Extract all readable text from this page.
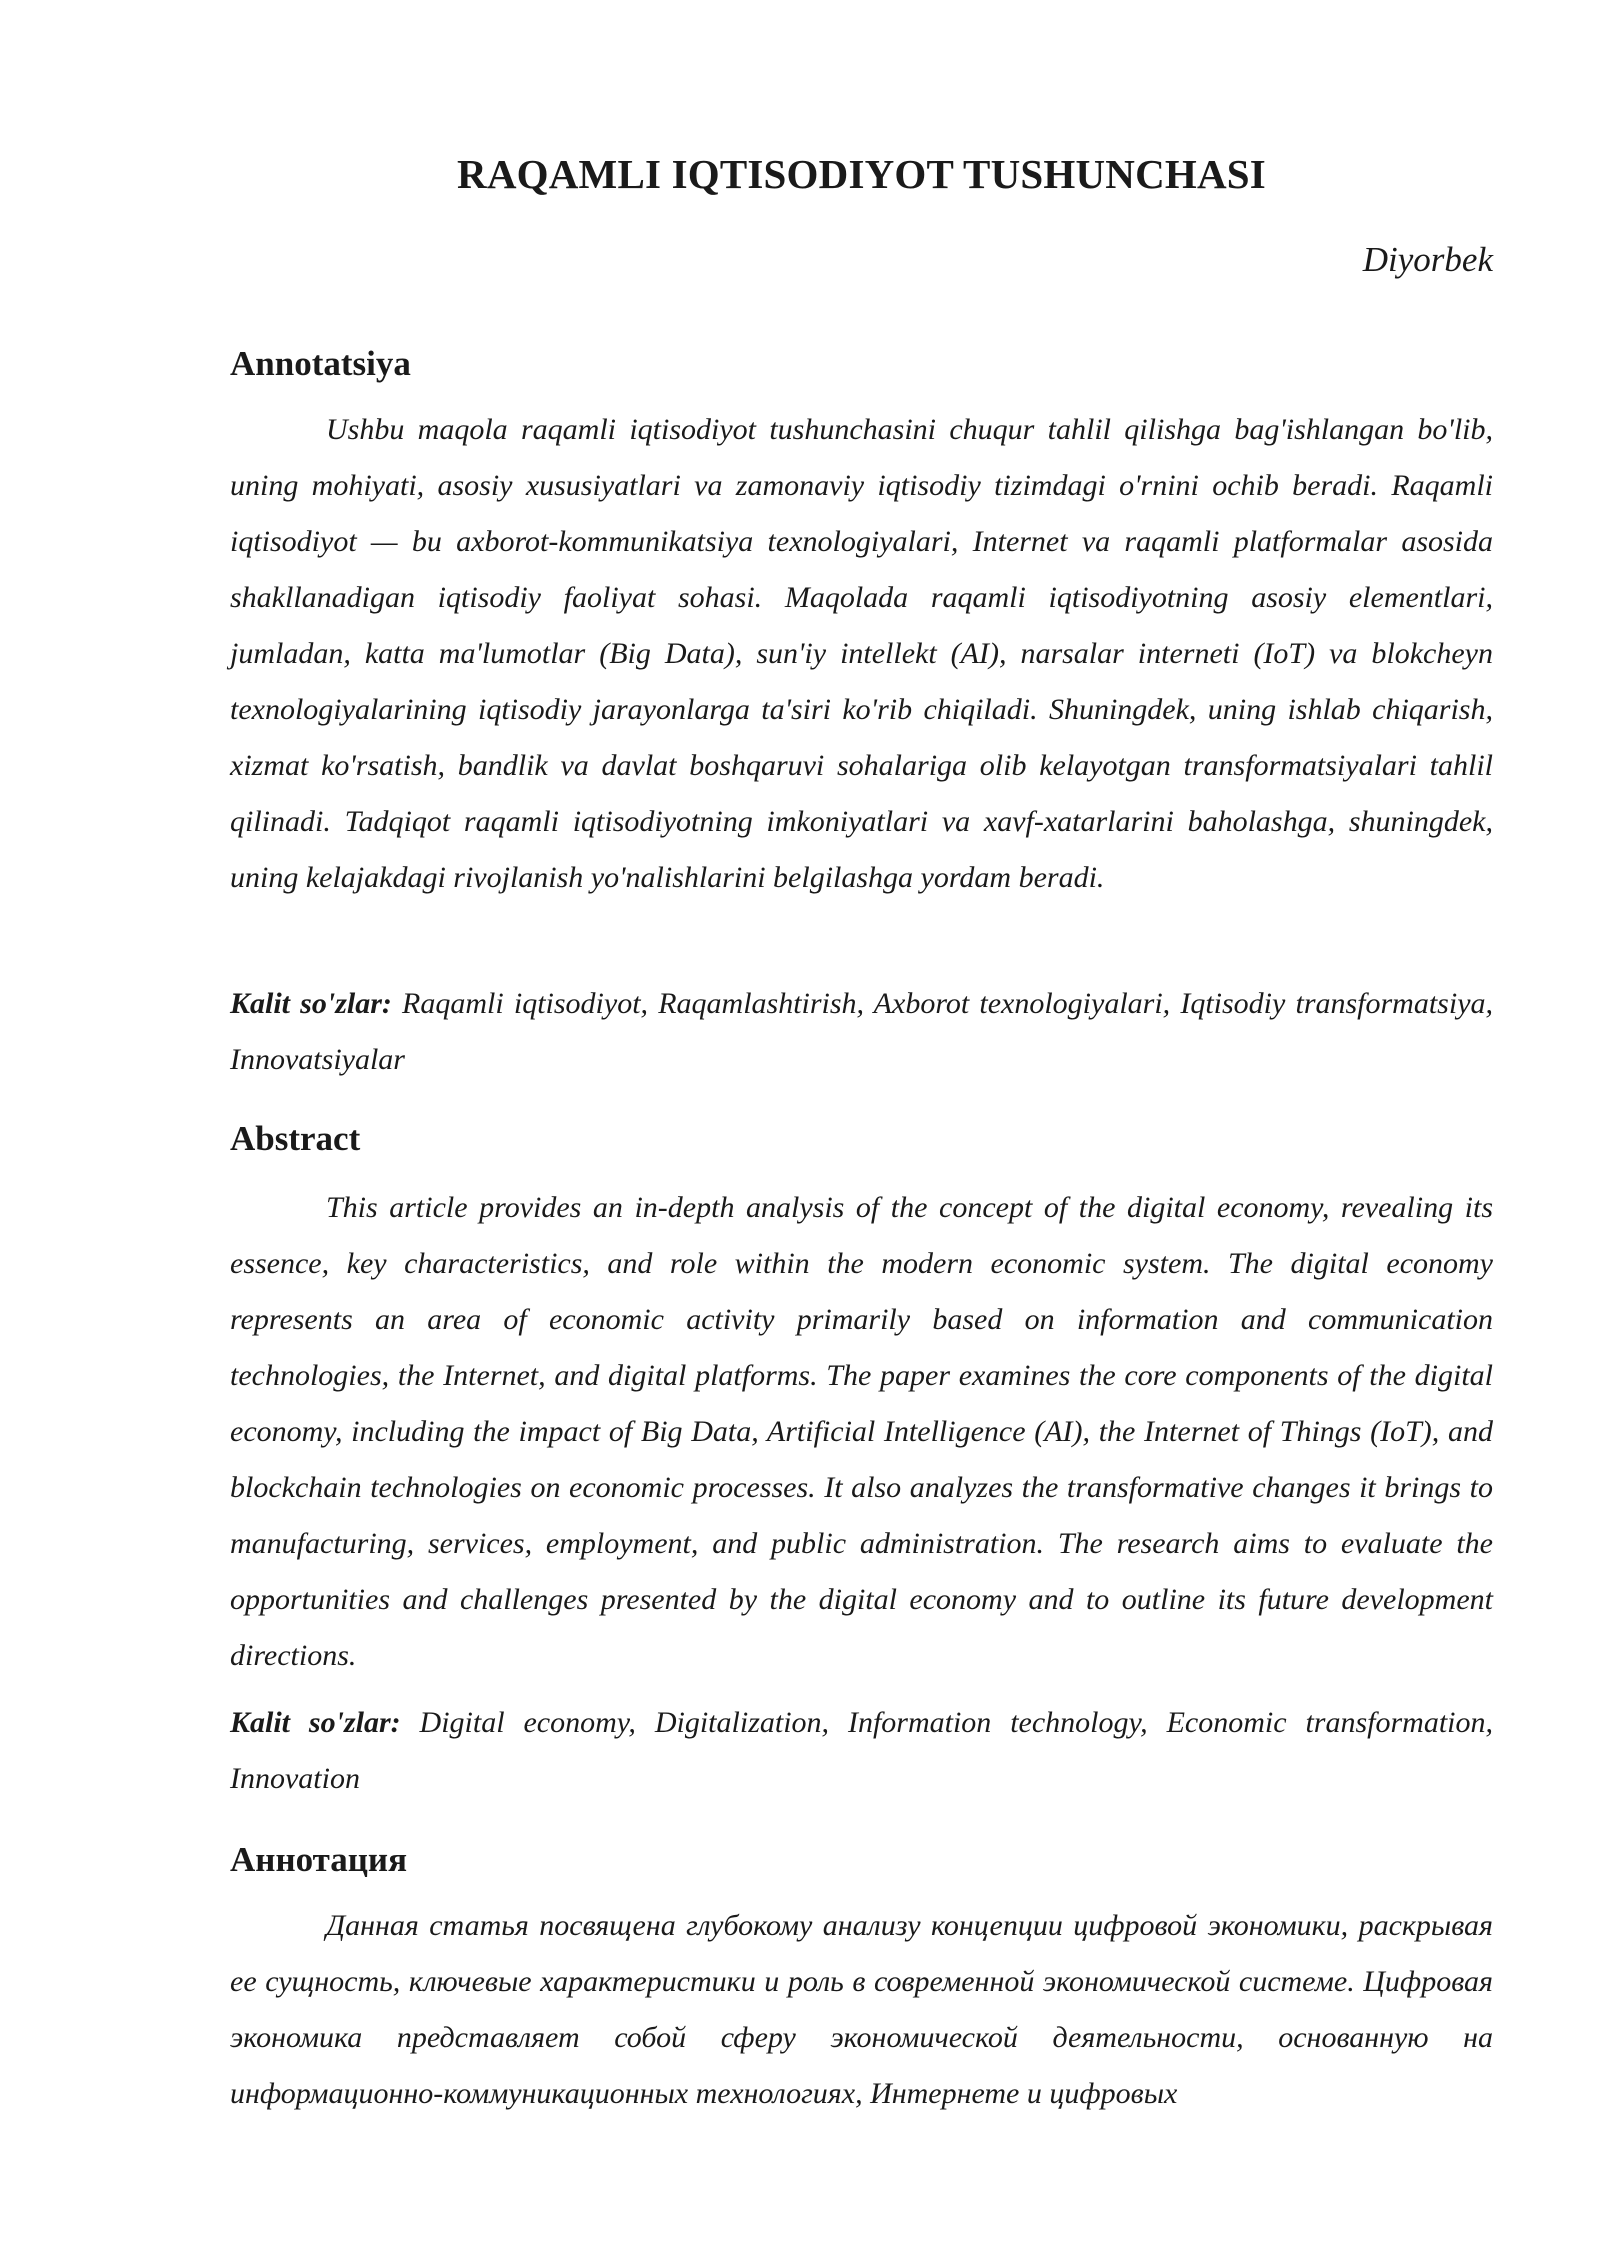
RAQAMLI IQTISODIYOT TUSHUNCHASI

Diyorbek

Annotatsiya

Ushbu maqola raqamli iqtisodiyot tushunchasini chuqur tahlil qilishga bag'ishlangan bo'lib, uning mohiyati, asosiy xususiyatlari va zamonaviy iqtisodiy tizimdagi o'rnini ochib beradi. Raqamli iqtisodiyot — bu axborot-kommunikatsiya texnologiyalari, Internet va raqamli platformalar asosida shakllanadigan iqtisodiy faoliyat sohasi. Maqolada raqamli iqtisodiyotning asosiy elementlari, jumladan, katta ma'lumotlar (Big Data), sun'iy intellekt (AI), narsalar interneti (IoT) va blokcheyn texnologiyalarining iqtisodiy jarayonlarga ta'siri ko'rib chiqiladi. Shuningdek, uning ishlab chiqarish, xizmat ko'rsatish, bandlik va davlat boshqaruvi sohalariga olib kelayotgan transformatsiyalari tahlil qilinadi. Tadqiqot raqamli iqtisodiyotning imkoniyatlari va xavf-xatarlarini baholashga, shuningdek, uning kelajakdagi rivojlanish yo'nalishlarini belgilashga yordam beradi.

Kalit so'zlar: Raqamli iqtisodiyot, Raqamlashtirish, Axborot texnologiyalari, Iqtisodiy transformatsiya, Innovatsiyalar

Abstract

This article provides an in-depth analysis of the concept of the digital economy, revealing its essence, key characteristics, and role within the modern economic system. The digital economy represents an area of economic activity primarily based on information and communication technologies, the Internet, and digital platforms. The paper examines the core components of the digital economy, including the impact of Big Data, Artificial Intelligence (AI), the Internet of Things (IoT), and blockchain technologies on economic processes. It also analyzes the transformative changes it brings to manufacturing, services, employment, and public administration. The research aims to evaluate the opportunities and challenges presented by the digital economy and to outline its future development directions.

Kalit so'zlar: Digital economy, Digitalization, Information technology, Economic transformation, Innovation

Аннотация

Данная статья посвящена глубокому анализу концепции цифровой экономики, раскрывая ее сущность, ключевые характеристики и роль в современной экономической системе. Цифровая экономика представляет собой сферу экономической деятельности, основанную на информационно-коммуникационных технологиях, Интернете и цифровых
